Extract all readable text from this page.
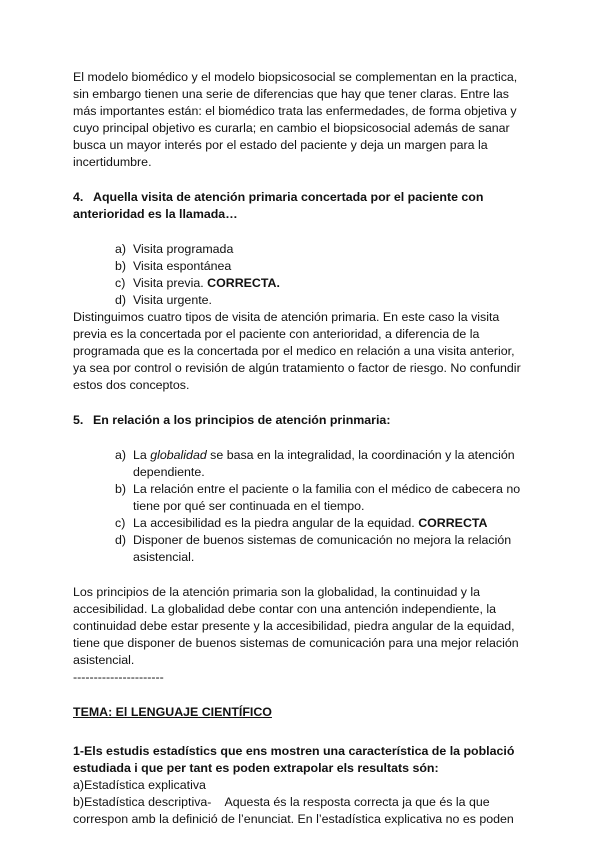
El modelo biomédico y el modelo biopsicosocial se complementan en la practica, sin embargo tienen una serie de diferencias que hay que tener claras. Entre las más importantes están: el biomédico trata las enfermedades, de forma objetiva y cuyo principal objetivo es curarla; en cambio el biopsicosocial además de sanar busca un mayor interés por el estado del paciente y deja un margen para la incertidumbre.

4. Aquella visita de atención primaria concertada por el paciente con anterioridad es la llamada…

a) Visita programada
b) Visita espontánea
c) Visita previa. CORRECTA.
d) Visita urgente.

Distinguimos cuatro tipos de visita de atención primaria. En este caso la visita previa es la concertada por el paciente con anterioridad, a diferencia de la programada que es la concertada por el medico en relación a una visita anterior, ya sea por control o revisión de algún tratamiento o factor de riesgo. No confundir estos dos conceptos.

5. En relación a los principios de atención prinmaria:

a) La globalidad se basa en la integralidad, la coordinación y la atención dependiente.
b) La relación entre el paciente o la familia con el médico de cabecera no tiene por qué ser continuada en el tiempo.
c) La accesibilidad es la piedra angular de la equidad. CORRECTA
d) Disponer de buenos sistemas de comunicación no mejora la relación asistencial.

Los principios de la atención primaria son la globalidad, la continuidad y la accesibilidad. La globalidad debe contar con una antención independiente, la continuidad debe estar presente y la accesibilidad, piedra angular de la equidad, tiene que disponer de buenos sistemas de comunicación para una mejor relación asistencial.

----------------------

TEMA: El LENGUAJE CIENTÍFICO

1-Els estudis estadístics que ens mostren una característica de la població estudiada i que per tant es poden extrapolar els resultats són:

a)Estadística explicativa

b)Estadística descriptiva-    Aquesta és la resposta correcta ja que és la que correspon amb la definició de l’enunciat. En l’estadística explicativa no es poden
